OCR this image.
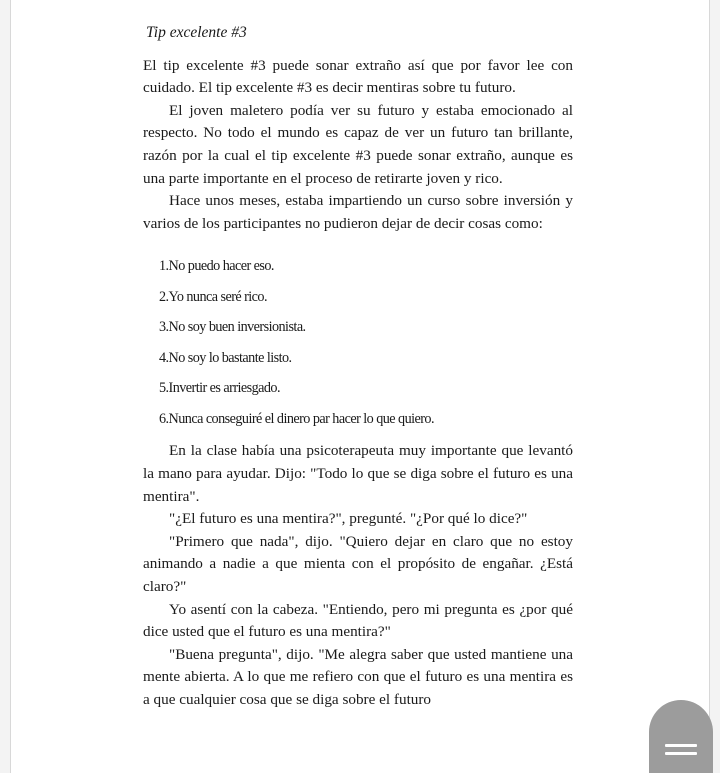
Tip excelente #3

El tip excelente #3 puede sonar extraño así que por favor lee con cuidado. El tip excelente #3 es decir mentiras sobre tu futuro.

El joven maletero podía ver su futuro y estaba emocionado al respecto. No todo el mundo es capaz de ver un futuro tan brillante, razón por la cual el tip excelente #3 puede sonar extraño, aunque es una parte importante en el proceso de retirarte joven y rico.

Hace unos meses, estaba impartiendo un curso sobre inversión y varios de los participantes no pudieron dejar de decir cosas como:

1.No puedo hacer eso.
2.Yo nunca seré rico.
3.No soy buen inversionista.
4.No soy lo bastante listo.
5.Invertir es arriesgado.
6.Nunca conseguiré el dinero par hacer lo que quiero.

En la clase había una psicoterapeuta muy importante que levantó la mano para ayudar. Dijo: "Todo lo que se diga sobre el futuro es una mentira".

"¿El futuro es una mentira?", pregunté. "¿Por qué lo dice?"

"Primero que nada", dijo. "Quiero dejar en claro que no estoy animando a nadie a que mienta con el propósito de engañar. ¿Está claro?"

Yo asentí con la cabeza. "Entiendo, pero mi pregunta es ¿por qué dice usted que el futuro es una mentira?"

"Buena pregunta", dijo. "Me alegra saber que usted mantiene una mente abierta. A lo que me refiero con que el futuro es una mentira es a que cualquier cosa que se diga sobre el futuro
